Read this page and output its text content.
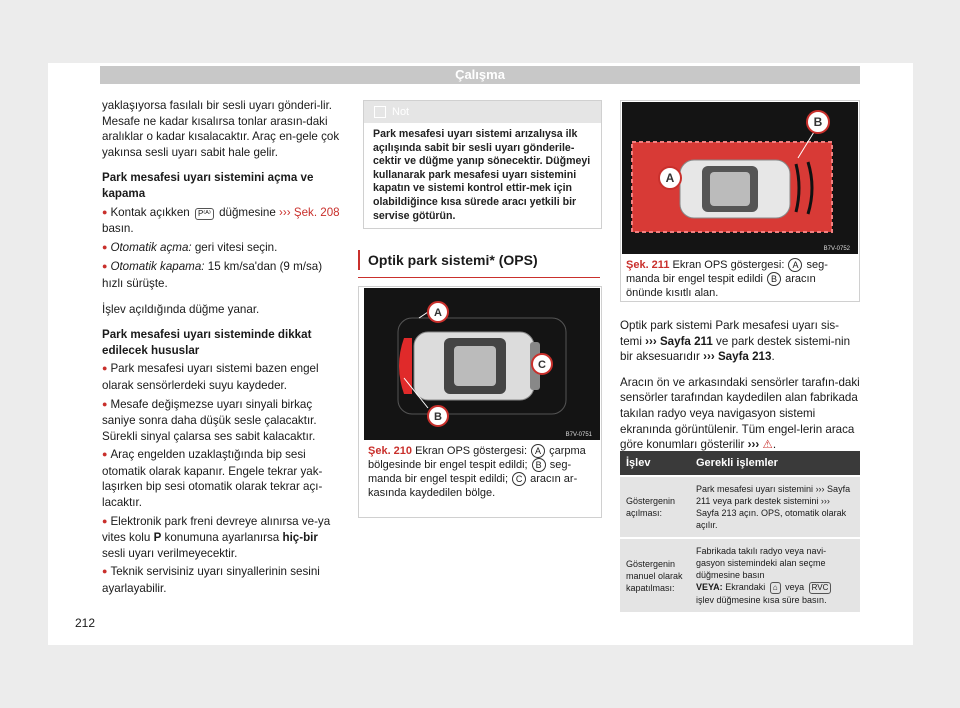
Çalışma

yaklaşıyorsa fasılalı bir sesli uyarı gönderi-lir. Mesafe ne kadar kısalırsa tonlar arasın-daki aralıklar o kadar kısalacaktır. Araç en-gele çok yakınsa sesli uyarı sabit hale gelir.

Park mesafesi uyarı sistemini açma ve kapama

● Kontak açıkken P⁽ᴬ⁾ düğmesine ››› Şek. 208 basın.

● Otomatik açma: geri vitesi seçin.

● Otomatik kapama: 15 km/sa'dan (9 m/sa) hızlı sürüşte.

İşlev açıldığında düğme yanar.

Park mesafesi uyarı sisteminde dikkat edilecek hususlar

● Park mesafesi uyarı sistemi bazen engel olarak sensörlerdeki suyu kaydeder.

● Mesafe değişmezse uyarı sinyali birkaç saniye sonra daha düşük sesle çalacaktır. Sürekli sinyal çalarsa ses sabit kalacaktır.

● Araç engelden uzaklaştığında bip sesi otomatik olarak kapanır. Engele tekrar yak-laşırken bip sesi otomatik olarak tekrar açı-lacaktır.

● Elektronik park freni devreye alınırsa ve-ya vites kolu P konumuna ayarlanırsa hiç-bir sesli uyarı verilmeyecektir.

● Teknik servisiniz uyarı sinyallerinin sesini ayarlayabilir.

Not
Park mesafesi uyarı sistemi arızalıysa ilk açılışında sabit bir sesli uyarı gönderile-cektir ve düğme yanıp sönecektir. Düğmeyi kullanarak park mesafesi uyarı sistemini kapatın ve sistemi kontrol ettir-mek için olabildiğince kısa sürede aracı yetkili bir servise götürün.
Optik park sistemi* (OPS)
A
C
B
B7V-0751
Şek. 210 Ekran OPS göstergesi: A çarpma bölgesinde bir engel tespit edildi; B seg-manda bir engel tespit edildi; C aracın ar-kasında kaydedilen bölge.
A
B
B7V-0752
Şek. 211 Ekran OPS göstergesi: A seg-manda bir engel tespit edildi B aracın önünde kısıtlı alan.

Optik park sistemi Park mesafesi uyarı sis-temi ››› Sayfa 211 ve park destek sistemi-nin bir aksesuarıdır ››› Sayfa 213.

Aracın ön ve arkasındaki sensörler tarafın-daki sensörler tarafından kaydedilen alan fabrikada takılan radyo veya navigasyon sistemi ekranında görüntülenir. Tüm engel-lerin araca göre konumları gösterilir ››› ⚠.

İşlev	Gerekli işlemler
Göstergenin açılması:	Park mesafesi uyarı sistemini ››› Sayfa 211 veya park destek sistemini ››› Sayfa 213 açın. OPS, otomatik olarak açılır.
Göstergenin manuel olarak kapatılması:	Fabrikada takılı radyo veya navi-gasyon sistemindeki alan seçme düğmesine basın
VEYA: Ekrandaki ⌂ veya RVC
işlev düğmesine kısa süre basın.
212
